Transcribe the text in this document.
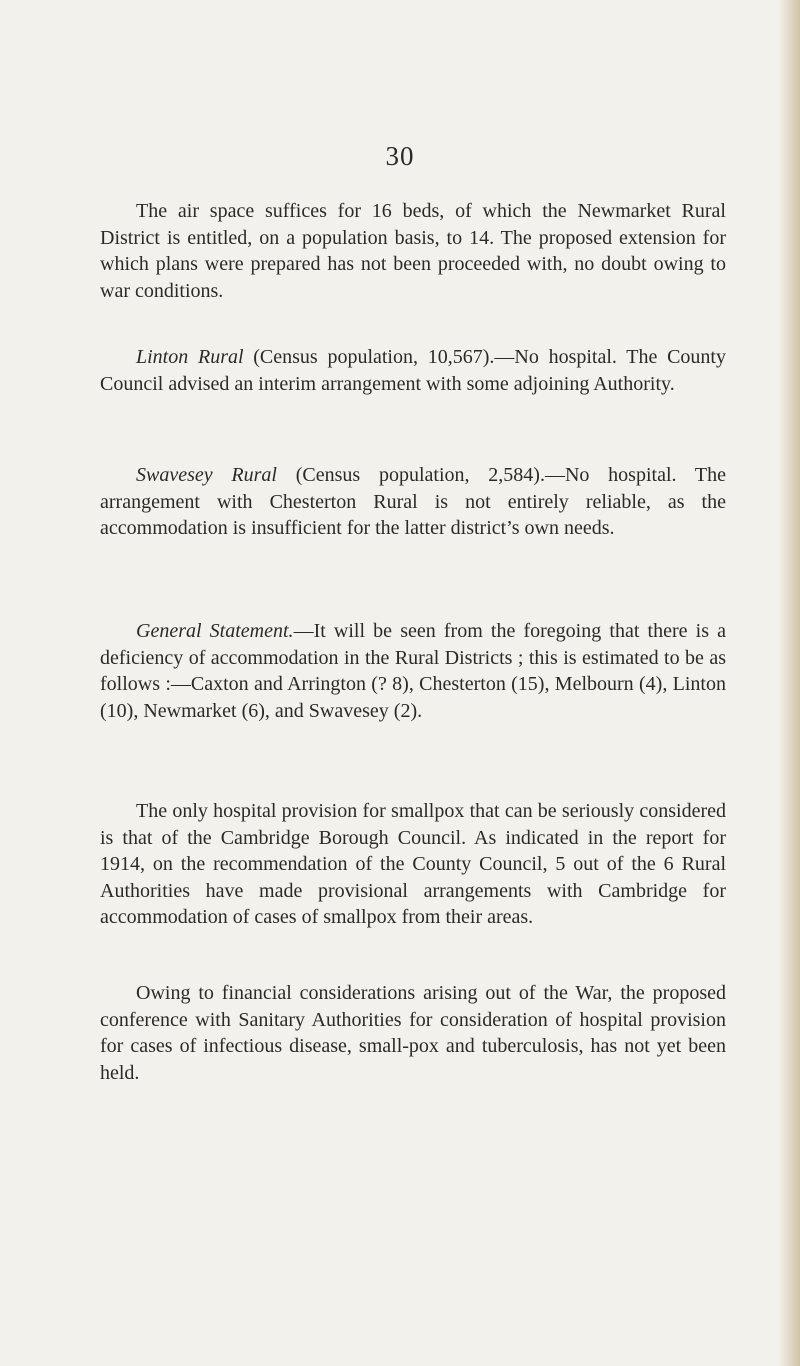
30

The air space suffices for 16 beds, of which the Newmarket Rural District is entitled, on a population basis, to 14. The proposed extension for which plans were prepared has not been proceeded with, no doubt owing to war conditions.

Linton Rural (Census population, 10,567).—No hospital. The County Council advised an interim arrangement with some adjoining Authority.

Swavesey Rural (Census population, 2,584).—No hospital. The arrangement with Chesterton Rural is not entirely reliable, as the accommodation is insufficient for the latter district’s own needs.

General Statement.—It will be seen from the foregoing that there is a deficiency of accommodation in the Rural Districts ; this is estimated to be as follows :—Caxton and Arrington (? 8), Chesterton (15), Melbourn (4), Linton (10), Newmarket (6), and Swavesey (2).

The only hospital provision for smallpox that can be seriously considered is that of the Cambridge Borough Council. As indicated in the report for 1914, on the recommendation of the County Council, 5 out of the 6 Rural Authorities have made provisional arrangements with Cambridge for accommodation of cases of smallpox from their areas.

Owing to financial considerations arising out of the War, the proposed conference with Sanitary Authorities for consideration of hospital provision for cases of infectious disease, small-pox and tuberculosis, has not yet been held.
